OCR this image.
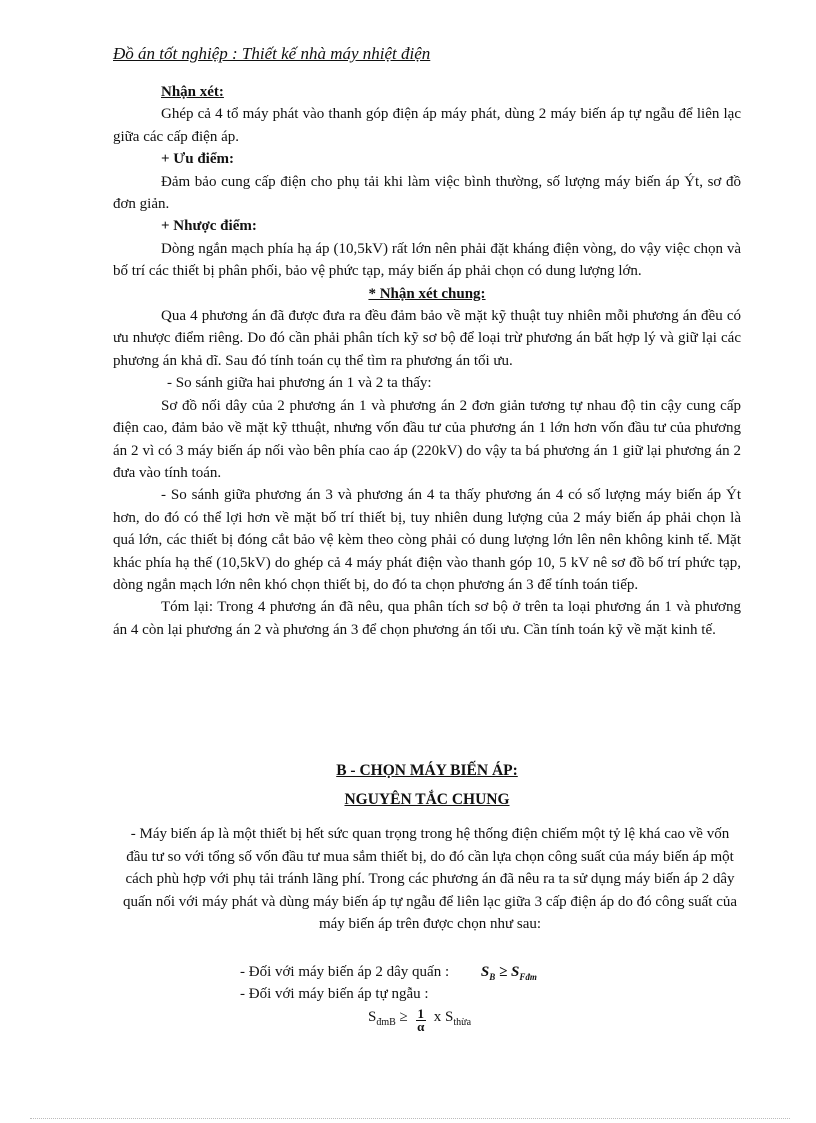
Đồ án tốt nghiệp : Thiết kế nhà máy nhiệt điện

Nhận xét:

Ghép cả 4 tổ máy phát vào thanh góp điện áp máy phát, dùng 2 máy biến áp tự ngẫu để liên lạc giữa các cấp điện áp.

+ Ưu điểm:

Đảm bảo cung cấp điện cho phụ tải khi làm việc bình thường, số lượng máy biến áp Ýt, sơ đồ đơn giản.

+ Nhược điểm:

Dòng ngắn mạch phía hạ áp (10,5kV) rất lớn nên phải đặt kháng điện vòng, do vậy việc chọn và bố trí các thiết bị phân phối, bảo vệ phức tạp, máy biến áp phải chọn có dung lượng lớn.

* Nhận xét chung:

Qua 4 phương án đã được đưa ra đều đảm bảo về mặt kỹ thuật tuy nhiên mỗi phương án đều có ưu nhược điểm riêng. Do đó cần phải phân tích kỹ sơ bộ để loại trừ phương án bất hợp lý và giữ lại các phương án khả dĩ. Sau đó tính toán cụ thể tìm ra phương án tối ưu.

- So sánh giữa hai phương án 1 và 2 ta thấy:

Sơ đồ nối dây của 2 phương án 1 và phương án 2 đơn giản tương tự nhau độ tin cậy cung cấp điện cao, đảm bảo về mặt kỹ tthuật, nhưng vốn đầu tư của phương án 1 lớn hơn vốn đầu tư của phương án 2 vì có 3 máy biến áp nối vào bên phía cao áp (220kV) do vậy ta bá phương án 1 giữ lại phương án 2 đưa vào tính toán.

- So sánh giữa phương án 3 và phương án 4 ta thấy phương án 4 có số lượng máy biến áp Ýt hơn, do đó có thể lợi hơn về mặt bố trí thiết bị, tuy nhiên dung lượng của 2 máy biến áp phải chọn là quá lớn, các thiết bị đóng cắt bảo vệ kèm theo còng phải có dung lượng lớn lên nên không kinh tế. Mặt khác phía hạ thế (10,5kV) do ghép cả 4 máy phát điện vào thanh góp 10, 5 kV nê sơ đồ bố trí phức tạp, dòng ngắn mạch lớn nên khó chọn thiết bị, do đó ta chọn phương án 3 để tính toán tiếp.

Tóm lại: Trong 4 phương án đã nêu, qua phân tích sơ bộ ở trên ta loại phương án 1 và phương án 4 còn lại phương án 2 và phương án 3 để chọn phương án tối ưu. Cần tính toán kỹ về mặt kinh tế.

B - CHỌN MÁY BIẾN ÁP:
NGUYÊN TẮC CHUNG

- Máy biến áp là một thiết bị hết sức quan trọng trong hệ thống điện chiếm một tỷ lệ khá cao về vốn đầu tư so với tổng số vốn đầu tư mua sắm thiết bị, do đó cần lựa chọn công suất của máy biến áp một cách phù hợp với phụ tải tránh lãng phí. Trong các phương án đã nêu ra ta sử dụng máy biến áp 2 dây quấn nối với máy phát và dùng máy biến áp tự ngẫu để liên lạc giữa 3 cấp điện áp do đó công suất của máy biến áp trên được chọn như sau:

- Đối với máy biến áp 2 dây quấn : $S_B \ge S_{Fđm}$
- Đối với máy biến áp tự ngẫu :
$S_{đmB} \ge \frac{1}{\alpha}$ x $S_{thừa}$
